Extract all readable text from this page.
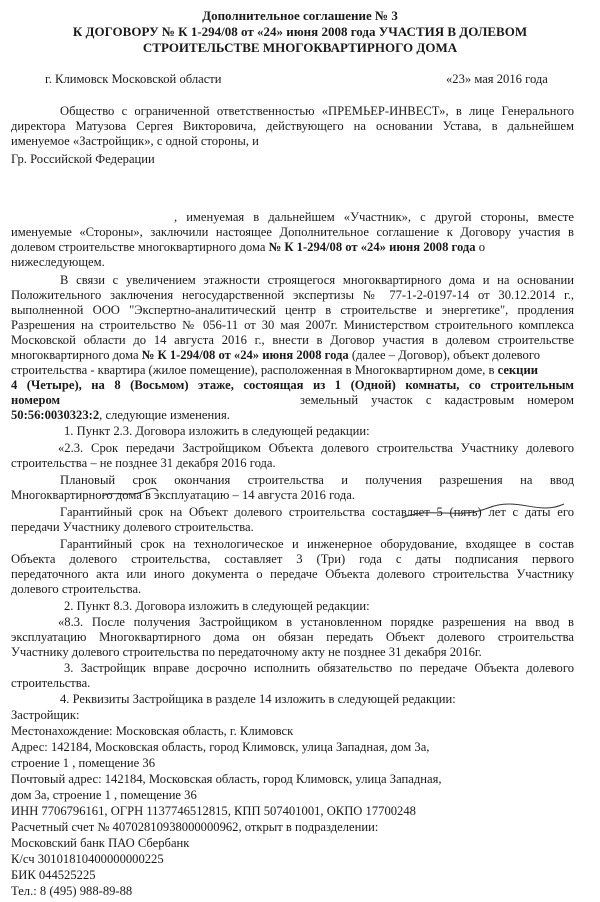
Дополнительное соглашение № 3
К ДОГОВОРУ № К 1-294/08 от «24» июня 2008 года УЧАСТИЯ В ДОЛЕВОМ
СТРОИТЕЛЬСТВЕ МНОГОКВАРТИРНОГО ДОМА
г. Климовск Московской области	«23» мая 2016 года
Общество с ограниченной ответственностью «ПРЕМЬЕР-ИНВЕСТ», в лице Генерального
директора Матузова Сергея Викторовича, действующего на основании Устава, в дальнейшем
именуемое «Застройщик», с одной стороны, и
Гр. Российской Федерации
, именуемая в дальнейшем «Участник», с другой стороны, вместе
именуемые «Стороны», заключили настоящее Дополнительное соглашение к Договору участия в
долевом строительстве многоквартирного дома № К 1-294/08 от «24» июня 2008 года о
нижеследующем.
В связи с увеличением этажности строящегося многоквартирного дома и на основании
Положительного заключения негосударственной экспертизы № 77-1-2-0197-14 от 30.12.2014 г.,
выполненной ООО "Экспертно-аналитический центр в строительстве и энергетике", продления
Разрешения на строительство № 056-11 от 30 мая 2007г. Министерством строительного комплекса
Московской области до 14 августа 2016 г., внести в Договор участия в долевом строительстве
многоквартирного дома № К 1-294/08 от «24» июня 2008 года (далее – Договор), объект долевого
строительства - квартира (жилое помещение), расположенная в Многоквартирном доме, в секции
4 (Четыре), на 8 (Восьмом) этаже, состоящая из 1 (Одной) комнаты, со строительным
номером	земельный участок с кадастровым номером
50:56:0030323:2, следующие изменения.
1. Пункт 2.3. Договора изложить в следующей редакции:
«2.3. Срок передачи Застройщиком Объекта долевого строительства Участнику долевого
строительства – не позднее 31 декабря 2016 года.
Плановый срок окончания строительства и получения разрешения на ввод
Многоквартирного дома в эксплуатацию – 14 августа 2016 года.
Гарантийный срок на Объект долевого строительства составляет 5 (пять) лет с даты его
передачи Участнику долевого строительства.
Гарантийный срок на технологическое и инженерное оборудование, входящее в состав
Объекта долевого строительства, составляет 3 (Три) года с даты подписания первого
передаточного акта или иного документа о передаче Объекта долевого строительства Участнику
долевого строительства.
2. Пункт 8.3. Договора изложить в следующей редакции:
«8.3. После получения Застройщиком в установленном порядке разрешения на ввод в
эксплуатацию Многоквартирного дома он обязан передать Объект долевого строительства
Участнику долевого строительства по передаточному акту не позднее 31 декабря 2016г.
3. Застройщик вправе досрочно исполнить обязательство по передаче Объекта долевого
строительства.
4. Реквизиты Застройщика в разделе 14 изложить в следующей редакции:
Застройщик:
Местонахождение: Московская область, г. Климовск
Адрес: 142184, Московская область, город Климовск, улица Западная, дом 3а,
строение 1 , помещение 36
Почтовый адрес: 142184, Московская область, город Климовск, улица Западная,
дом 3а, строение 1 , помещение 36
ИНН 7706796161, ОГРН 1137746512815, КПП 507401001, ОКПО 17700248
Расчетный счет № 40702810938000000962, открыт в подразделении:
Московский банк ПАО Сбербанк
К/сч 30101810400000000225
БИК 044525225
Тел.: 8 (495) 988-89-88
